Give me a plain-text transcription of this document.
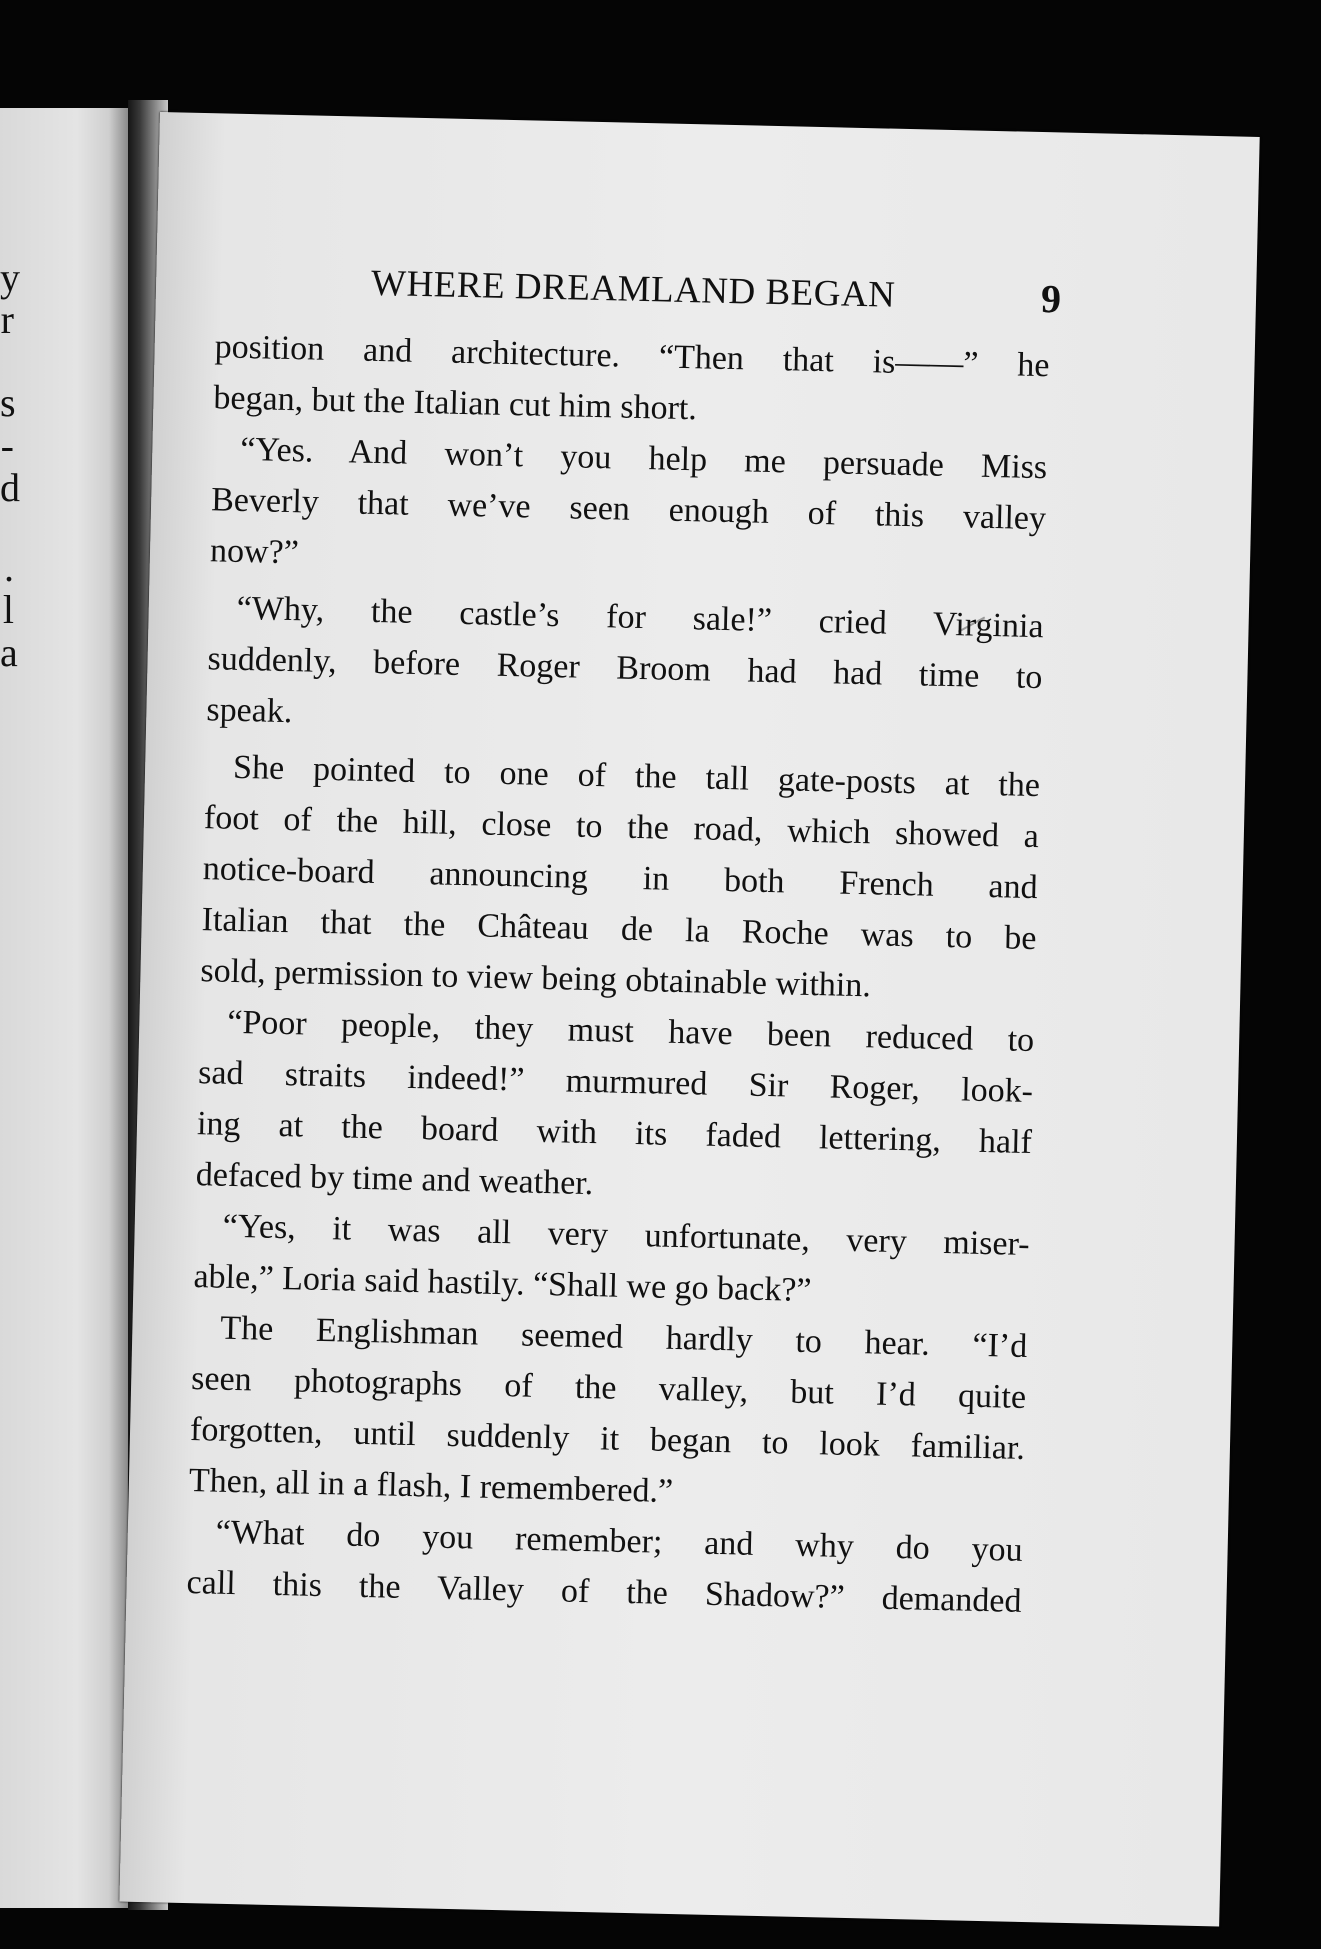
y
r
s
-
d
.
l
a
WHERE DREAMLAND BEGAN	9
position and architecture. “Then that is——” he
began, but the Italian cut him short.
“Yes. And won’t you help me persuade Miss
Beverly that we’ve seen enough of this valley
now?”
“Why, the castle’s for sale!” cried Virginia
suddenly, before Roger Broom had had time to
speak.
She pointed to one of the tall gate-posts at the
foot of the hill, close to the road, which showed a
notice-board announcing in both French and
Italian that the Château de la Roche was to be
sold, permission to view being obtainable within.
“Poor people, they must have been reduced to
sad straits indeed!” murmured Sir Roger, look-
ing at the board with its faded lettering, half
defaced by time and weather.
“Yes, it was all very unfortunate, very miser-
able,” Loria said hastily. “Shall we go back?”
The Englishman seemed hardly to hear. “I’d
seen photographs of the valley, but I’d quite
forgotten, until suddenly it began to look familiar.
Then, all in a flash, I remembered.”
“What do you remember; and why do you
call this the Valley of the Shadow?” demanded
